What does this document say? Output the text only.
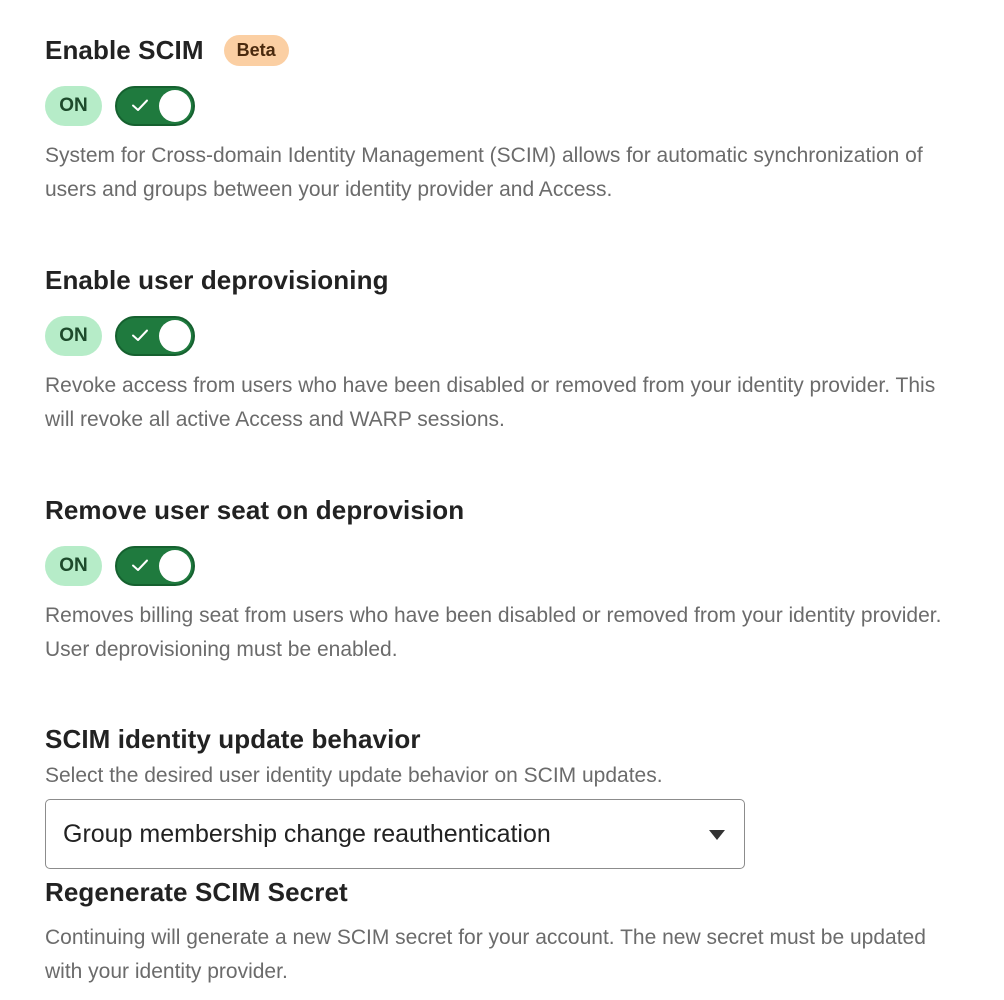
Enable SCIM	Beta
ON
System for Cross-domain Identity Management (SCIM) allows for automatic synchronization of users and groups between your identity provider and Access.
Enable user deprovisioning
ON
Revoke access from users who have been disabled or removed from your identity provider. This will revoke all active Access and WARP sessions.
Remove user seat on deprovision
ON
Removes billing seat from users who have been disabled or removed from your identity provider. User deprovisioning must be enabled.
SCIM identity update behavior
Select the desired user identity update behavior on SCIM updates.
Group membership change reauthentication
Regenerate SCIM Secret
Continuing will generate a new SCIM secret for your account. The new secret must be updated with your identity provider.
